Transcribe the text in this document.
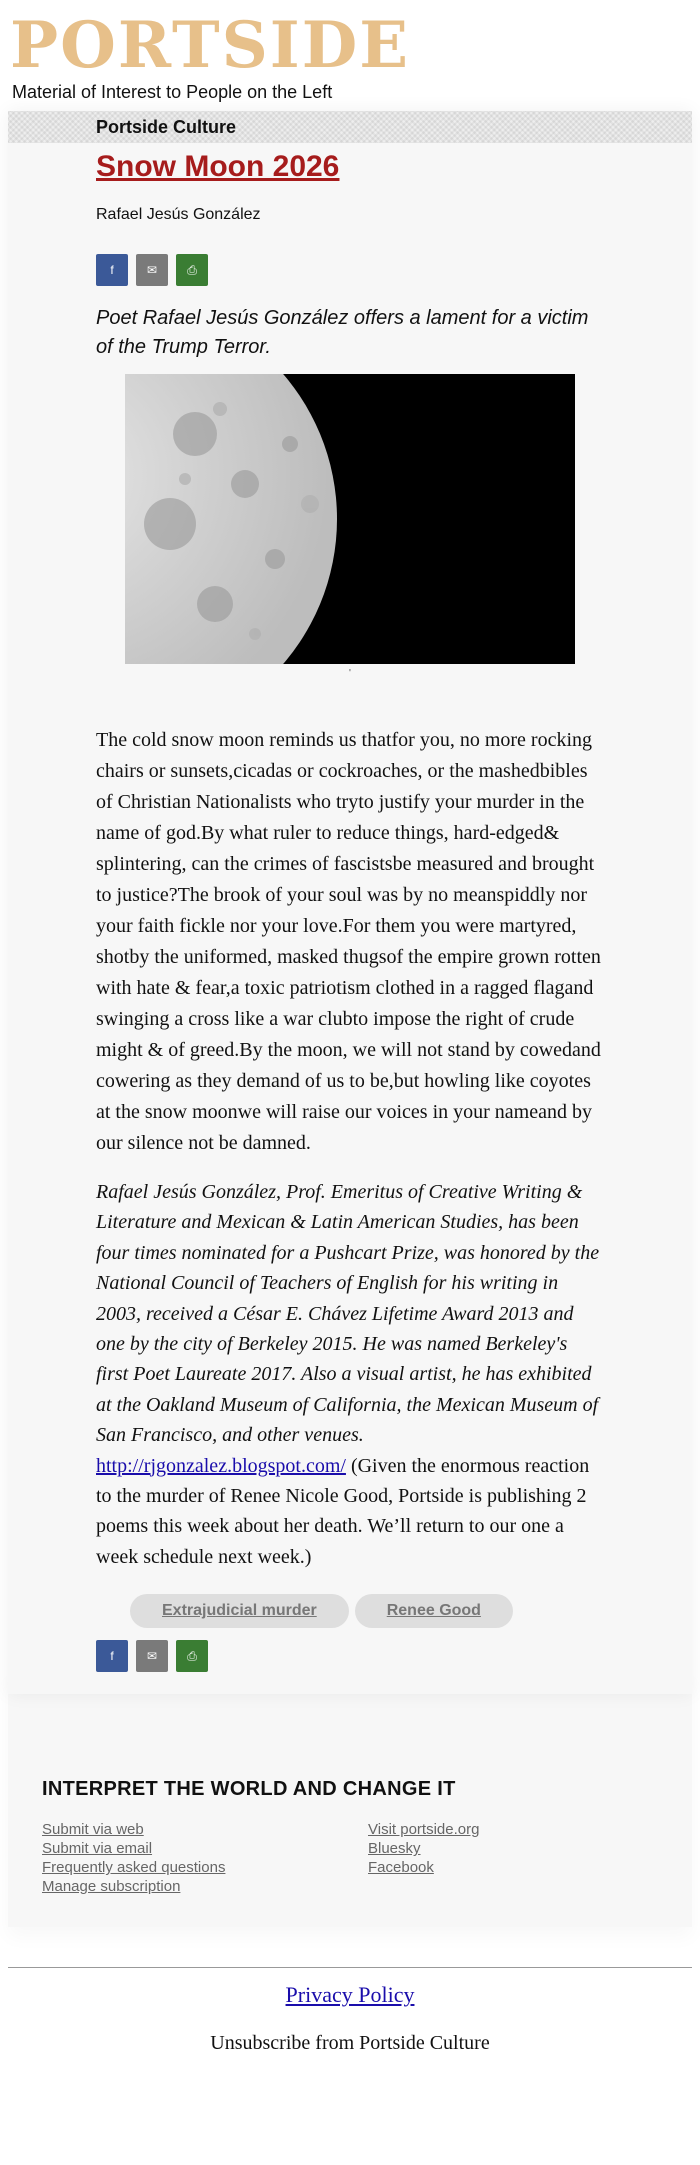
PORTSIDE
Material of Interest to People on the Left
Portside Culture
Snow Moon 2026
Rafael Jesús González
f	✉	⎙

Poet Rafael Jesús González offers a lament for a victim of the Trump Terror.

'

The cold snow moon reminds us thatfor you, no more rocking chairs or sunsets,cicadas or cockroaches, or the mashedbibles of Christian Nationalists who tryto justify your murder in the name of god.By what ruler to reduce things, hard-edged& splintering, can the crimes of fascistsbe measured and brought to justice?The brook of your soul was by no meanspiddly nor your faith fickle nor your love.For them you were martyred, shotby the uniformed, masked thugsof the empire grown rotten with hate & fear,a toxic patriotism clothed in a ragged flagand swinging a cross like a war clubto impose the right of crude might & of greed.By the moon, we will not stand by cowedand cowering as they demand of us to be,but howling like coyotes at the snow moonwe will raise our voices in your nameand by our silence not be damned.

Rafael Jesús González, Prof. Emeritus of Creative Writing & Literature and Mexican & Latin American Studies, has been four times nominated for a Pushcart Prize, was honored by the National Council of Teachers of English for his writing in 2003, received a César E. Chávez Lifetime Award 2013 and one by the city of Berkeley 2015. He was named Berkeley's first Poet Laureate 2017. Also a visual artist, he has exhibited at the Oakland Museum of California, the Mexican Museum of San Francisco, and other venues.
http://rjgonzalez.blogspot.com/ (Given the enormous reaction to the murder of Renee Nicole Good, Portside is publishing 2 poems this week about her death. We’ll return to our one a week schedule next week.)

Extrajudicial murder	Renee Good
f	✉	⎙
INTERPRET THE WORLD AND CHANGE IT
Submit via web	Visit portside.org
Submit via email	Bluesky
Frequently asked questions	Facebook
Manage subscription
Privacy Policy
Unsubscribe from Portside Culture
